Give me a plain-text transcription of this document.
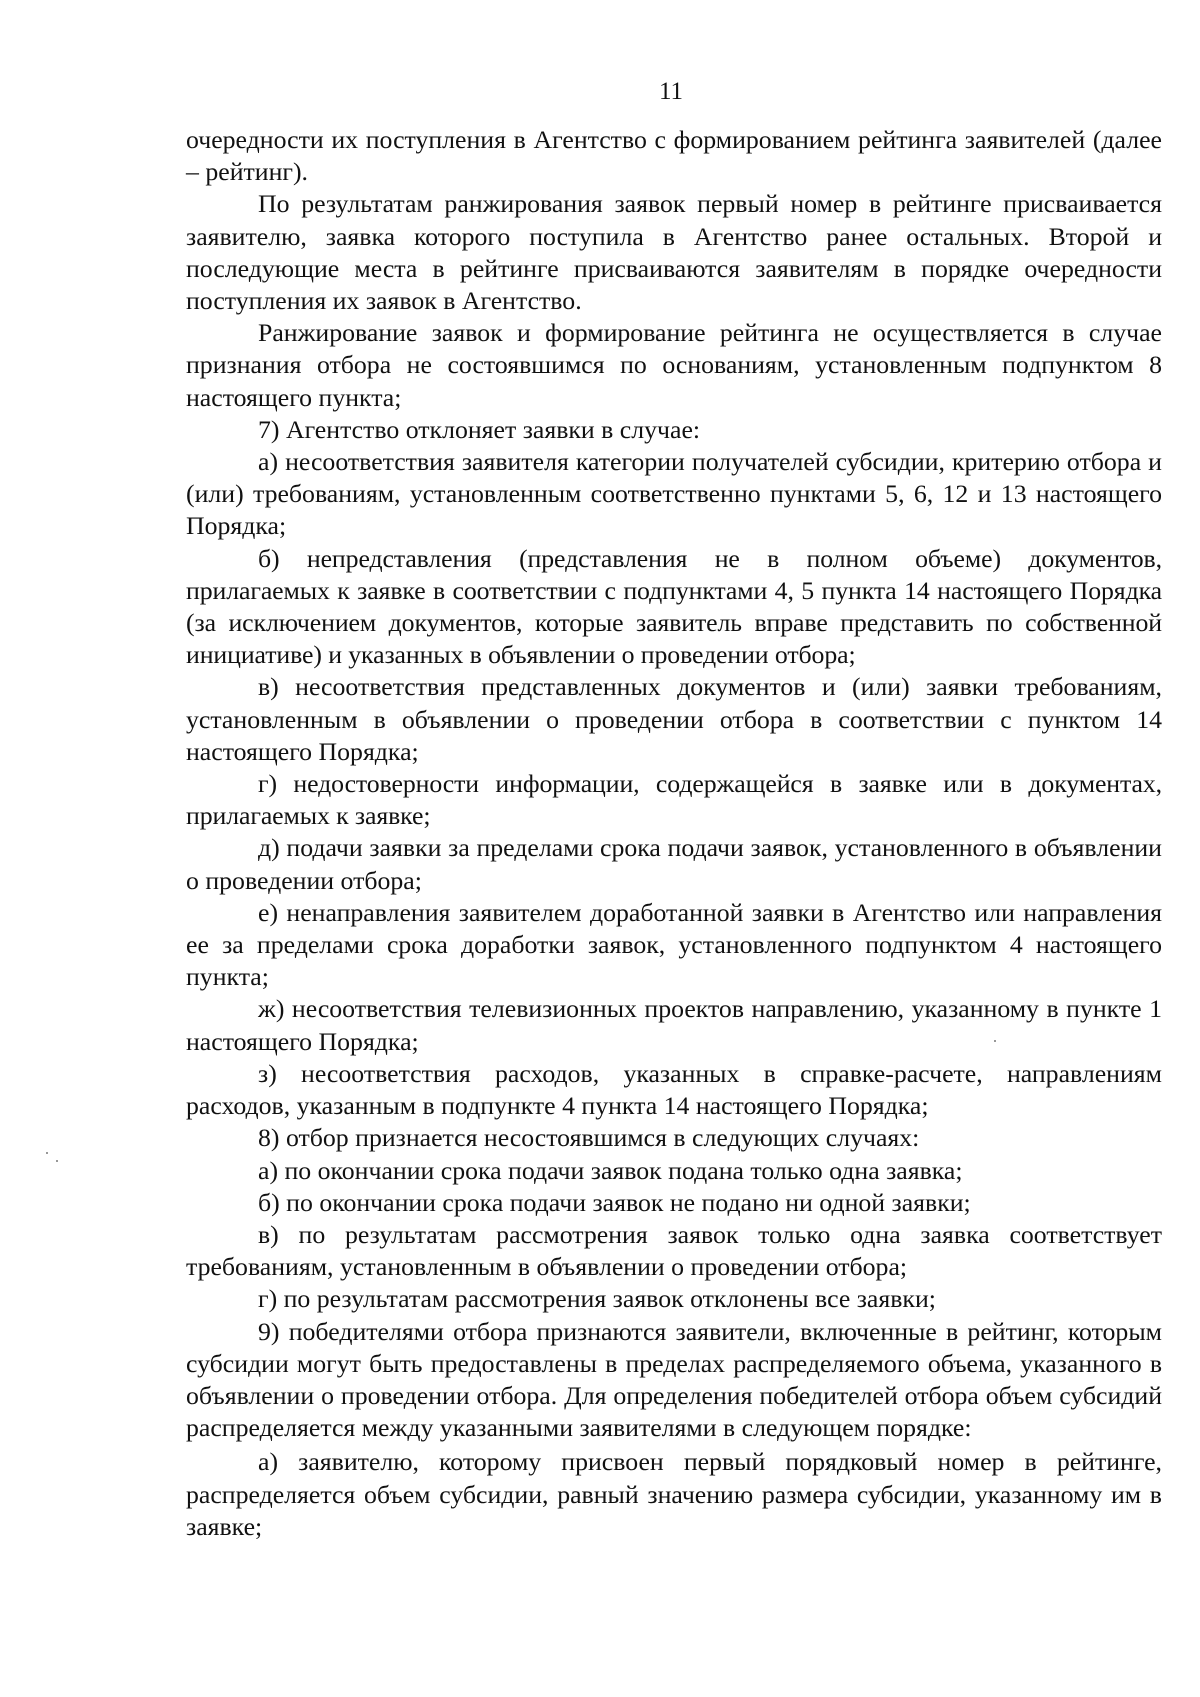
11

очередности их поступления в Агентство с формированием рейтинга заявителей (далее – рейтинг).

По результатам ранжирования заявок первый номер в рейтинге присваивается заявителю, заявка которого поступила в Агентство ранее остальных. Второй и последующие места в рейтинге присваиваются заявителям в порядке очередности поступления их заявок в Агентство.

Ранжирование заявок и формирование рейтинга не осуществляется в случае признания отбора не состоявшимся по основаниям, установленным подпунктом 8 настоящего пункта;

7) Агентство отклоняет заявки в случае:

а) несоответствия заявителя категории получателей субсидии, критерию отбора и (или) требованиям, установленным соответственно пунктами 5, 6, 12 и 13 настоящего Порядка;

б) непредставления (представления не в полном объеме) документов, прилагаемых к заявке в соответствии с подпунктами 4, 5 пункта 14 настоящего Порядка (за исключением документов, которые заявитель вправе представить по собственной инициативе) и указанных в объявлении о проведении отбора;

в) несоответствия представленных документов и (или) заявки требованиям, установленным в объявлении о проведении отбора в соответствии с пунктом 14 настоящего Порядка;

г) недостоверности информации, содержащейся в заявке или в документах, прилагаемых к заявке;

д) подачи заявки за пределами срока подачи заявок, установленного в объявлении о проведении отбора;

е) ненаправления заявителем доработанной заявки в Агентство или направления ее за пределами срока доработки заявок, установленного подпунктом 4 настоящего пункта;

ж) несоответствия телевизионных проектов направлению, указанному в пункте 1 настоящего Порядка;

з) несоответствия расходов, указанных в справке-расчете, направлениям расходов, указанным в подпункте 4 пункта 14 настоящего Порядка;

8) отбор признается несостоявшимся в следующих случаях:

а) по окончании срока подачи заявок подана только одна заявка;

б) по окончании срока подачи заявок не подано ни одной заявки;

в) по результатам рассмотрения заявок только одна заявка соответствует требованиям, установленным в объявлении о проведении отбора;

г) по результатам рассмотрения заявок отклонены все заявки;

9) победителями отбора признаются заявители, включенные в рейтинг, которым субсидии могут быть предоставлены в пределах распределяемого объема, указанного в объявлении о проведении отбора. Для определения победителей отбора объем субсидий распределяется между указанными заявителями в следующем порядке:

а) заявителю, которому присвоен первый порядковый номер в рейтинге, распределяется объем субсидии, равный значению размера субсидии, указанному им в заявке;
